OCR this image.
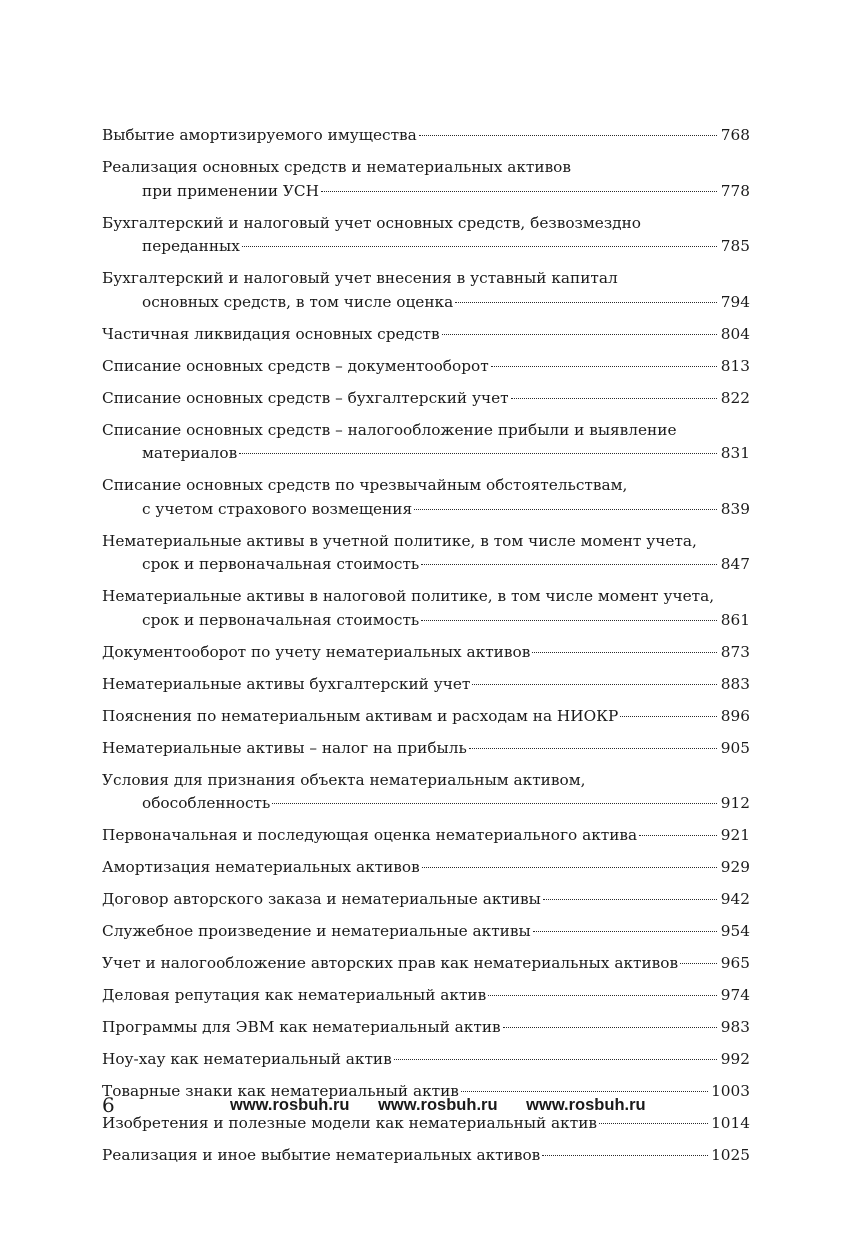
Выбытие амортизируемого имущества	768
Реализация основных средств и нематериальных активов
при применении УСН	778
Бухгалтерский и налоговый учет основных средств, безвозмездно
переданных	785
Бухгалтерский и налоговый учет внесения в уставный капитал
основных средств, в том числе оценка	794
Частичная ликвидация основных средств	804
Списание основных средств – документооборот	813
Списание основных средств – бухгалтерский учет	822
Списание основных средств – налогообложение прибыли и выявление
материалов	831
Списание основных средств по чрезвычайным обстоятельствам,
с учетом страхового возмещения	839
Нематериальные активы в учетной политике, в том числе момент учета,
срок и первоначальная стоимость	847
Нематериальные активы в налоговой политике, в том числе момент учета,
срок и первоначальная стоимость	861
Документооборот по учету нематериальных активов	873
Нематериальные активы бухгалтерский учет	883
Пояснения по нематериальным активам и расходам на НИОКР	896
Нематериальные активы – налог на прибыль	905
Условия для признания объекта нематериальным активом,
обособленность	912
Первоначальная и последующая оценка нематериального актива	921
Амортизация нематериальных активов	929
Договор авторского заказа и нематериальные активы	942
Служебное произведение и нематериальные активы	954
Учет и налогообложение авторских прав как нематериальных активов	965
Деловая репутация как нематериальный актив	974
Программы для ЭВМ как нематериальный актив	983
Ноу-хау как нематериальный актив	992
Товарные знаки как нематериальный актив	1003
Изобретения и полезные модели как нематериальный актив	1014
Реализация и иное выбытие нематериальных активов	1025
6	www.rosbuh.ru www.rosbuh.ru www.rosbuh.ru
